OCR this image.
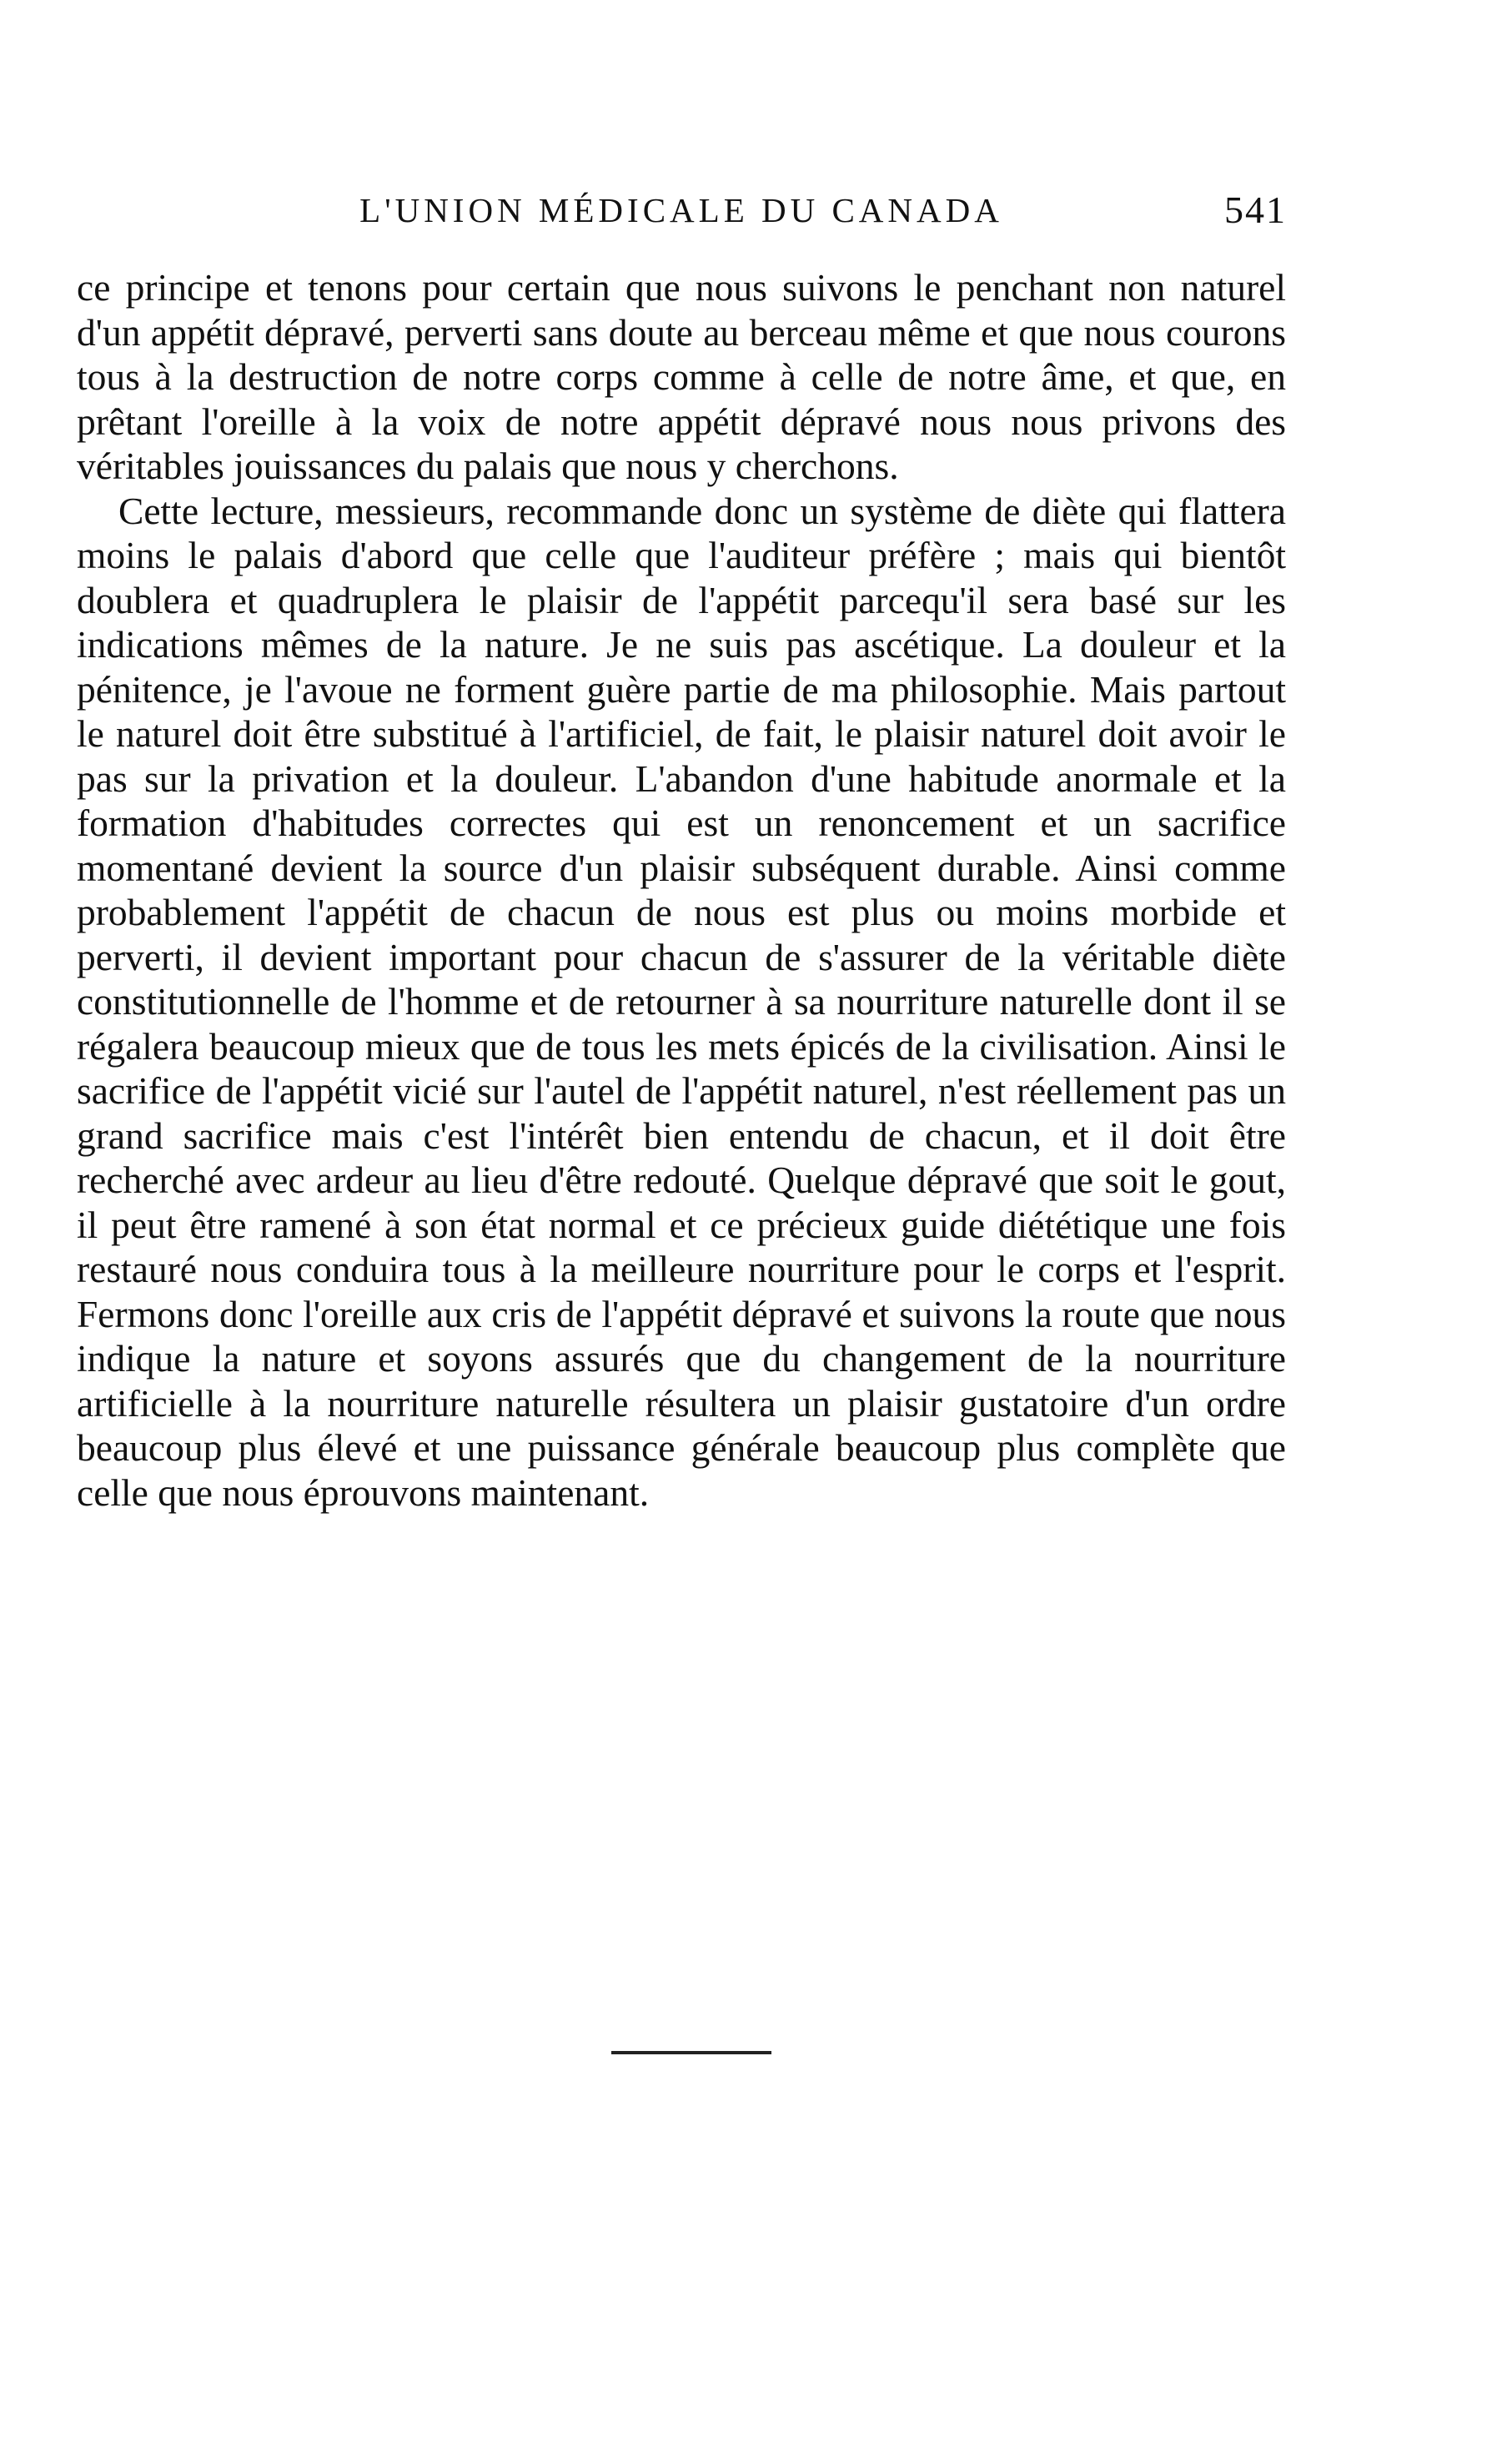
L'UNION MÉDICALE DU CANADA	541

ce principe et tenons pour certain que nous suivons le penchant non naturel d'un appétit dépravé, perverti sans doute au berceau même et que nous courons tous à la destruction de notre corps comme à celle de notre âme, et que, en prêtant l'oreille à la voix de notre appétit dépravé nous nous privons des véritables jouissances du palais que nous y cherchons.

Cette lecture, messieurs, recommande donc un système de diète qui flattera moins le palais d'abord que celle que l'auditeur préfère ; mais qui bientôt doublera et quadruplera le plaisir de l'appétit parcequ'il sera basé sur les indications mêmes de la nature. Je ne suis pas ascétique. La douleur et la pénitence, je l'avoue ne forment guère partie de ma philosophie. Mais partout le naturel doit être substitué à l'artificiel, de fait, le plaisir naturel doit avoir le pas sur la privation et la douleur. L'abandon d'une habitude anormale et la formation d'habitudes correctes qui est un renoncement et un sacrifice momentané devient la source d'un plaisir subséquent durable. Ainsi comme probablement l'appétit de chacun de nous est plus ou moins morbide et perverti, il devient important pour chacun de s'assurer de la véritable diète constitutionnelle de l'homme et de retourner à sa nourriture naturelle dont il se régalera beaucoup mieux que de tous les mets épicés de la civilisation. Ainsi le sacrifice de l'appétit vicié sur l'autel de l'appétit naturel, n'est réellement pas un grand sacrifice mais c'est l'intérêt bien entendu de chacun, et il doit être recherché avec ardeur au lieu d'être redouté. Quelque dépravé que soit le gout, il peut être ramené à son état normal et ce précieux guide diététique une fois restauré nous conduira tous à la meilleure nourriture pour le corps et l'esprit. Fermons donc l'oreille aux cris de l'appétit dépravé et suivons la route que nous indique la nature et soyons assurés que du changement de la nourriture artificielle à la nourriture naturelle résultera un plaisir gustatoire d'un ordre beaucoup plus élevé et une puissance générale beaucoup plus complète que celle que nous éprouvons maintenant.
